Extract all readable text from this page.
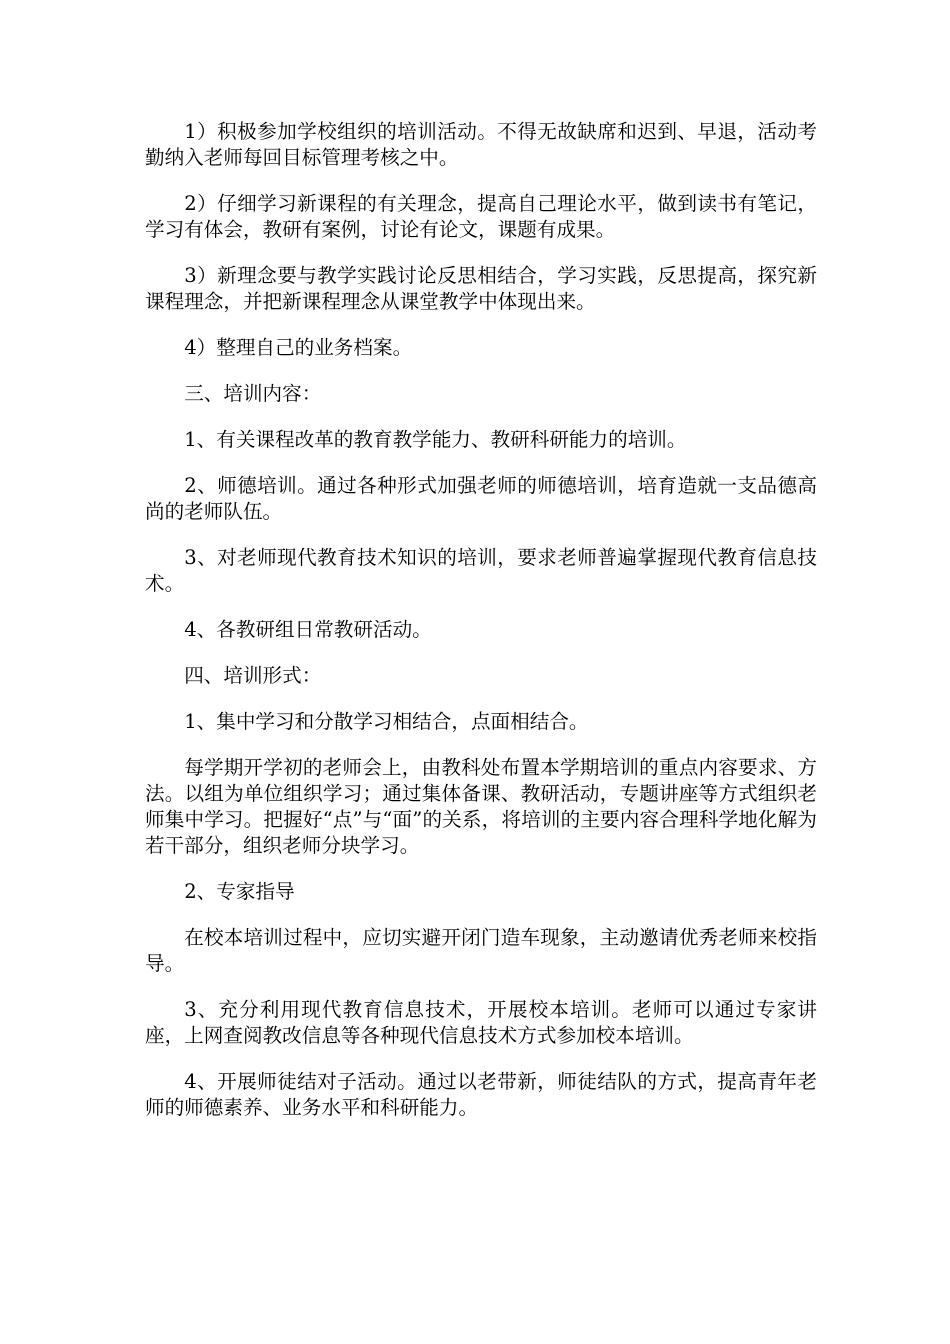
1）积极参加学校组织的培训活动。不得无故缺席和迟到、早退，活动考勤纳入老师每回目标管理考核之中。

2）仔细学习新课程的有关理念，提高自己理论水平，做到读书有笔记，学习有体会，教研有案例，讨论有论文，课题有成果。

3）新理念要与教学实践讨论反思相结合，学习实践，反思提高，探究新课程理念，并把新课程理念从课堂教学中体现出来。

4）整理自己的业务档案。

三、培训内容：

1、有关课程改革的教育教学能力、教研科研能力的培训。

2、师德培训。通过各种形式加强老师的师德培训，培育造就一支品德高尚的老师队伍。

3、对老师现代教育技术知识的培训，要求老师普遍掌握现代教育信息技术。

4、各教研组日常教研活动。

四、培训形式：

1、集中学习和分散学习相结合，点面相结合。

每学期开学初的老师会上，由教科处布置本学期培训的重点内容要求、方法。以组为单位组织学习；通过集体备课、教研活动，专题讲座等方式组织老师集中学习。把握好“点”与“面”的关系，将培训的主要内容合理科学地化解为若干部分，组织老师分块学习。

2、专家指导

在校本培训过程中，应切实避开闭门造车现象，主动邀请优秀老师来校指导。

3、充分利用现代教育信息技术，开展校本培训。老师可以通过专家讲座，上网查阅教改信息等各种现代信息技术方式参加校本培训。

4、开展师徒结对子活动。通过以老带新，师徒结队的方式，提高青年老师的师德素养、业务水平和科研能力。
